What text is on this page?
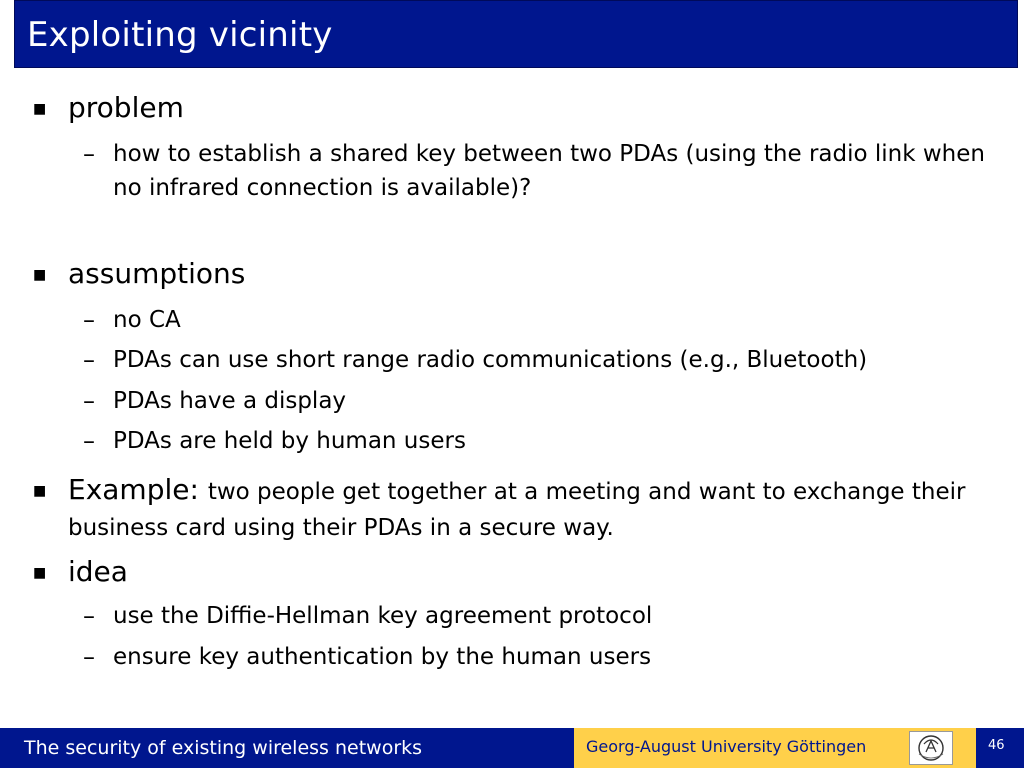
Exploiting vicinity
■ problem
– how to establish a shared key between two PDAs (using the radio link when no infrared connection is available)?
■ assumptions
– no CA
– PDAs can use short range radio communications (e.g., Bluetooth)
– PDAs have a display
– PDAs are held by human users
■ Example: two people get together at a meeting and want to exchange their business card using their PDAs in a secure way.
■ idea
– use the Diffie-Hellman key agreement protocol
– ensure key authentication by the human users
The security of existing wireless networks	Georg-August University Göttingen	46
